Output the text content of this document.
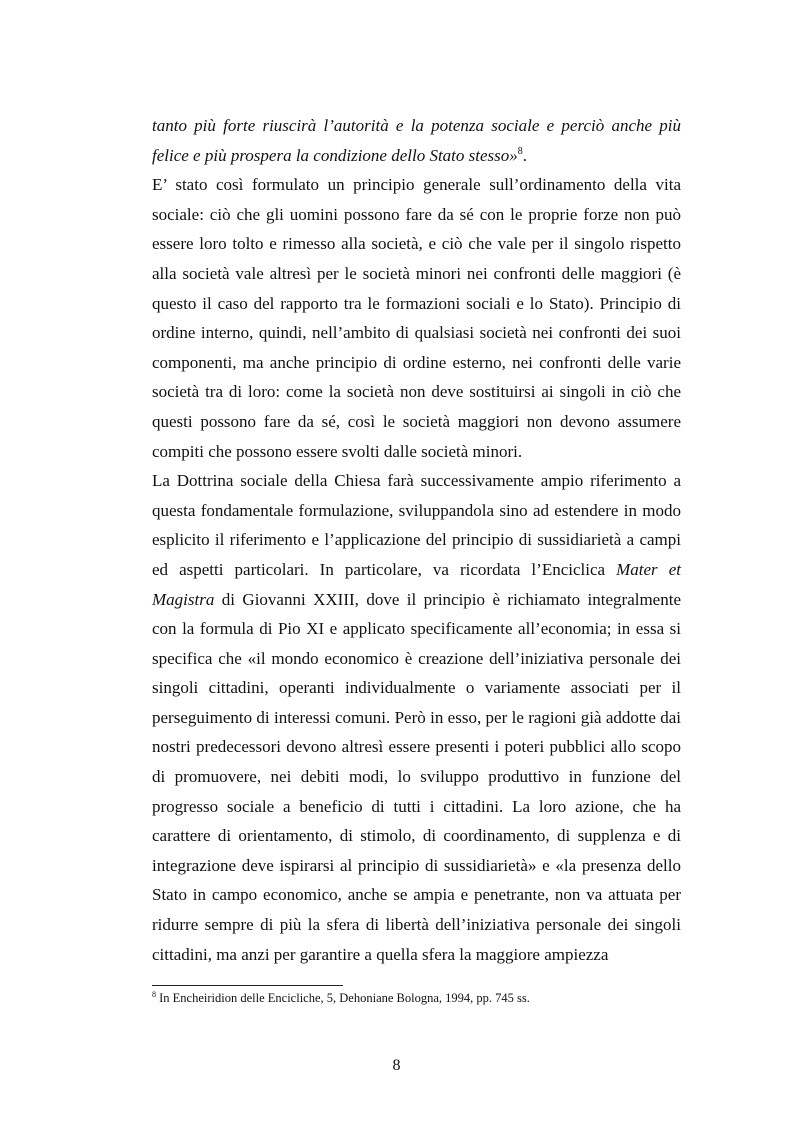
tanto più forte riuscirà l’autorità e la potenza sociale e perciò anche più felice e più prospera la condizione dello Stato stesso»$^8$.

E’ stato così formulato un principio generale sull’ordinamento della vita sociale: ciò che gli uomini possono fare da sé con le proprie forze non può essere loro tolto e rimesso alla società, e ciò che vale per il singolo rispetto alla società vale altresì per le società minori nei confronti delle maggiori (è questo il caso del rapporto tra le formazioni sociali e lo Stato). Principio di ordine interno, quindi, nell’ambito di qualsiasi società nei confronti dei suoi componenti, ma anche principio di ordine esterno, nei confronti delle varie società tra di loro: come la società non deve sostituirsi ai singoli in ciò che questi possono fare da sé, così le società maggiori non devono assumere compiti che possono essere svolti dalle società minori.

La Dottrina sociale della Chiesa farà successivamente ampio riferimento a questa fondamentale formulazione, sviluppandola sino ad estendere in modo esplicito il riferimento e l’applicazione del principio di sussidiarietà a campi ed aspetti particolari. In particolare, va ricordata l’Enciclica Mater et Magistra di Giovanni XXIII, dove il principio è richiamato integralmente con la formula di Pio XI e applicato specificamente all’economia; in essa si specifica che «il mondo economico è creazione dell’iniziativa personale dei singoli cittadini, operanti individualmente o variamente associati per il perseguimento di interessi comuni. Però in esso, per le ragioni già addotte dai nostri predecessori devono altresì essere presenti i poteri pubblici allo scopo di promuovere, nei debiti modi, lo sviluppo produttivo in funzione del progresso sociale a beneficio di tutti i cittadini. La loro azione, che ha carattere di orientamento, di stimolo, di coordinamento, di supplenza e di integrazione deve ispirarsi al principio di sussidiarietà» e «la presenza dello Stato in campo economico, anche se ampia e penetrante, non va attuata per ridurre sempre di più la sfera di libertà dell’iniziativa personale dei singoli cittadini, ma anzi per garantire a quella sfera la maggiore ampiezza

$^8$ In Encheiridion delle Encicliche, 5, Dehoniane Bologna, 1994, pp. 745 ss.
8
